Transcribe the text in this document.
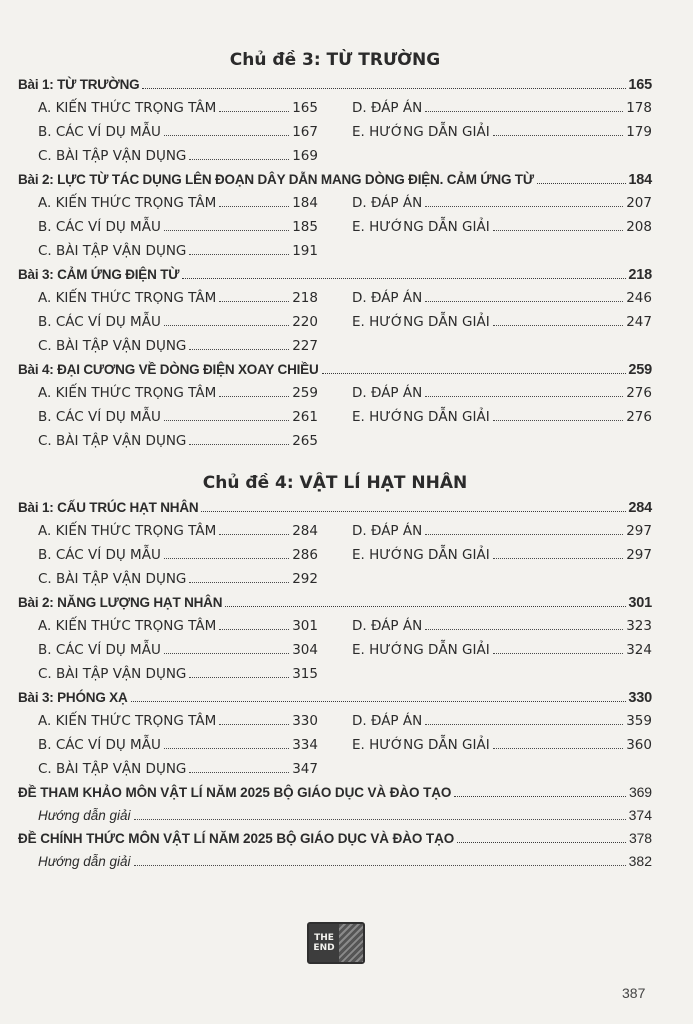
Chủ đề 3: TỪ TRƯỜNG
Bài 1: TỪ TRƯỜNG	165
A. KIẾN THỨC TRỌNG TÂM	165	D. ĐÁP ÁN	178
B. CÁC VÍ DỤ MẪU	167	E. HƯỚNG DẪN GIẢI	179
C. BÀI TẬP VẬN DỤNG	169
Bài 2: LỰC TỪ TÁC DỤNG LÊN ĐOẠN DÂY DẪN MANG DÒNG ĐIỆN. CẢM ỨNG TỪ	184
A. KIẾN THỨC TRỌNG TÂM	184	D. ĐÁP ÁN	207
B. CÁC VÍ DỤ MẪU	185	E. HƯỚNG DẪN GIẢI	208
C. BÀI TẬP VẬN DỤNG	191
Bài 3: CẢM ỨNG ĐIỆN TỪ	218
A. KIẾN THỨC TRỌNG TÂM	218	D. ĐÁP ÁN	246
B. CÁC VÍ DỤ MẪU	220	E. HƯỚNG DẪN GIẢI	247
C. BÀI TẬP VẬN DỤNG	227
Bài 4: ĐẠI CƯƠNG VỀ DÒNG ĐIỆN XOAY CHIỀU	259
A. KIẾN THỨC TRỌNG TÂM	259	D. ĐÁP ÁN	276
B. CÁC VÍ DỤ MẪU	261	E. HƯỚNG DẪN GIẢI	276
C. BÀI TẬP VẬN DỤNG	265
Chủ đề 4: VẬT LÍ HẠT NHÂN
Bài 1: CẤU TRÚC HẠT NHÂN	284
A. KIẾN THỨC TRỌNG TÂM	284	D. ĐÁP ÁN	297
B. CÁC VÍ DỤ MẪU	286	E. HƯỚNG DẪN GIẢI	297
C. BÀI TẬP VẬN DỤNG	292
Bài 2: NĂNG LƯỢNG HẠT NHÂN	301
A. KIẾN THỨC TRỌNG TÂM	301	D. ĐÁP ÁN	323
B. CÁC VÍ DỤ MẪU	304	E. HƯỚNG DẪN GIẢI	324
C. BÀI TẬP VẬN DỤNG	315
Bài 3: PHÓNG XẠ	330
A. KIẾN THỨC TRỌNG TÂM	330	D. ĐÁP ÁN	359
B. CÁC VÍ DỤ MẪU	334	E. HƯỚNG DẪN GIẢI	360
C. BÀI TẬP VẬN DỤNG	347
ĐỀ THAM KHẢO MÔN VẬT LÍ NĂM 2025 BỘ GIÁO DỤC VÀ ĐÀO TẠO	369
Hướng dẫn giải	374
ĐỀ CHÍNH THỨC MÔN VẬT LÍ NĂM 2025 BỘ GIÁO DỤC VÀ ĐÀO TẠO	378
Hướng dẫn giải	382
THE
END
387
